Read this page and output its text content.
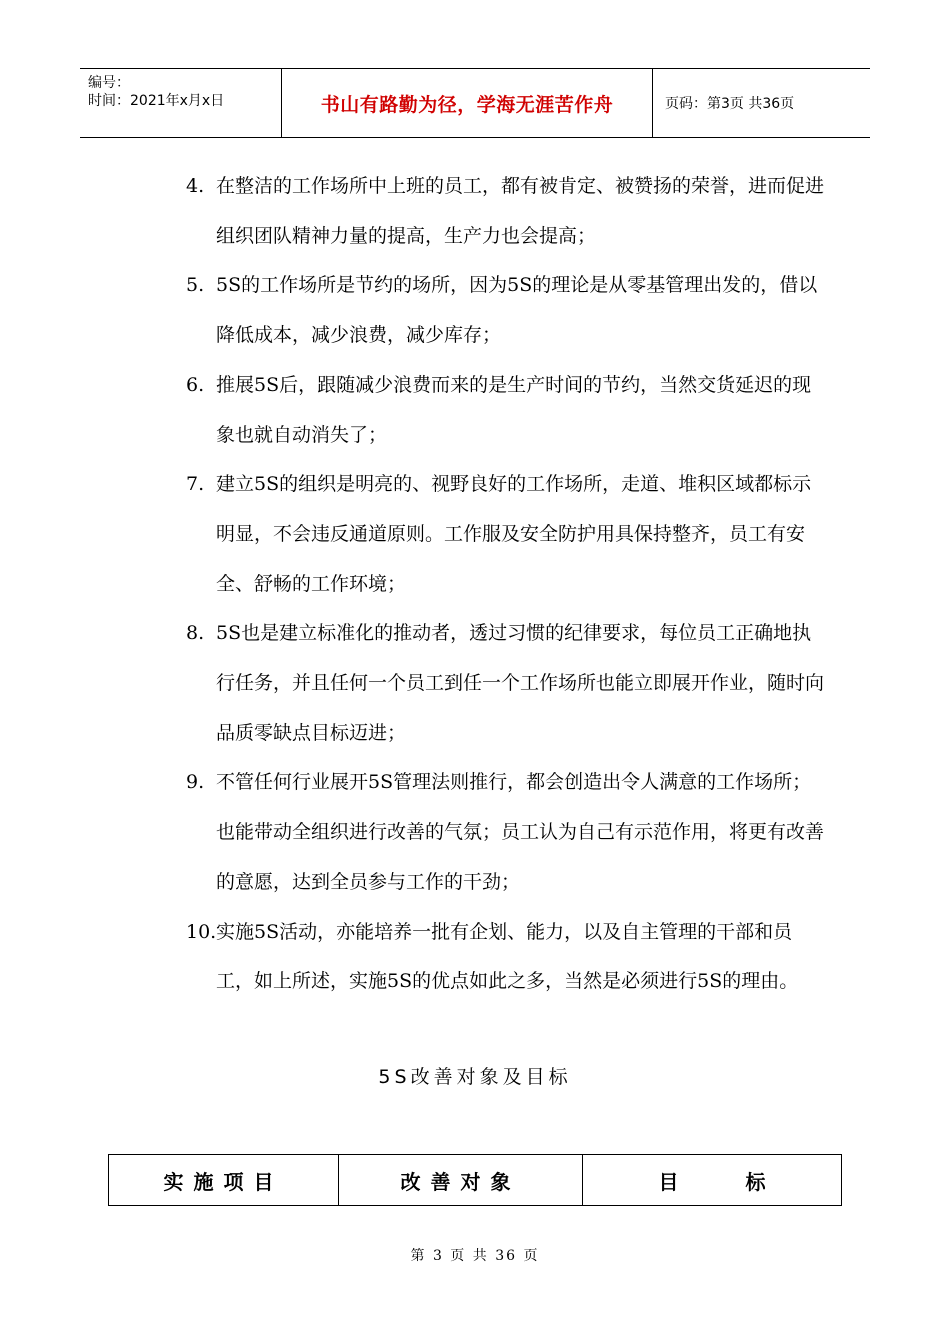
编号：
时间：2021年x月x日	书山有路勤为径，学海无涯苦作舟	页码：第3页 共36页
4. 在整洁的工作场所中上班的员工，都有被肯定、被赞扬的荣誉，进而促进组织团队精神力量的提高，生产力也会提高；
5. 5S的工作场所是节约的场所，因为5S的理论是从零基管理出发的，借以降低成本，减少浪费，减少库存；
6. 推展5S后，跟随减少浪费而来的是生产时间的节约，当然交货延迟的现象也就自动消失了；
7. 建立5S的组织是明亮的、视野良好的工作场所，走道、堆积区域都标示明显，不会违反通道原则。工作服及安全防护用具保持整齐，员工有安全、舒畅的工作环境；
8. 5S也是建立标准化的推动者，透过习惯的纪律要求，每位员工正确地执行任务，并且任何一个员工到任一个工作场所也能立即展开作业，随时向品质零缺点目标迈进；
9. 不管任何行业展开5S管理法则推行，都会创造出令人满意的工作场所；也能带动全组织进行改善的气氛；员工认为自己有示范作用，将更有改善的意愿，达到全员参与工作的干劲；
10. 实施5S活动，亦能培养一批有企划、能力，以及自主管理的干部和员工，如上所述，实施5S的优点如此之多，当然是必须进行5S的理由。
5S改善对象及目标
实施项目	改善对象	目 标
第 3 页 共 36 页
